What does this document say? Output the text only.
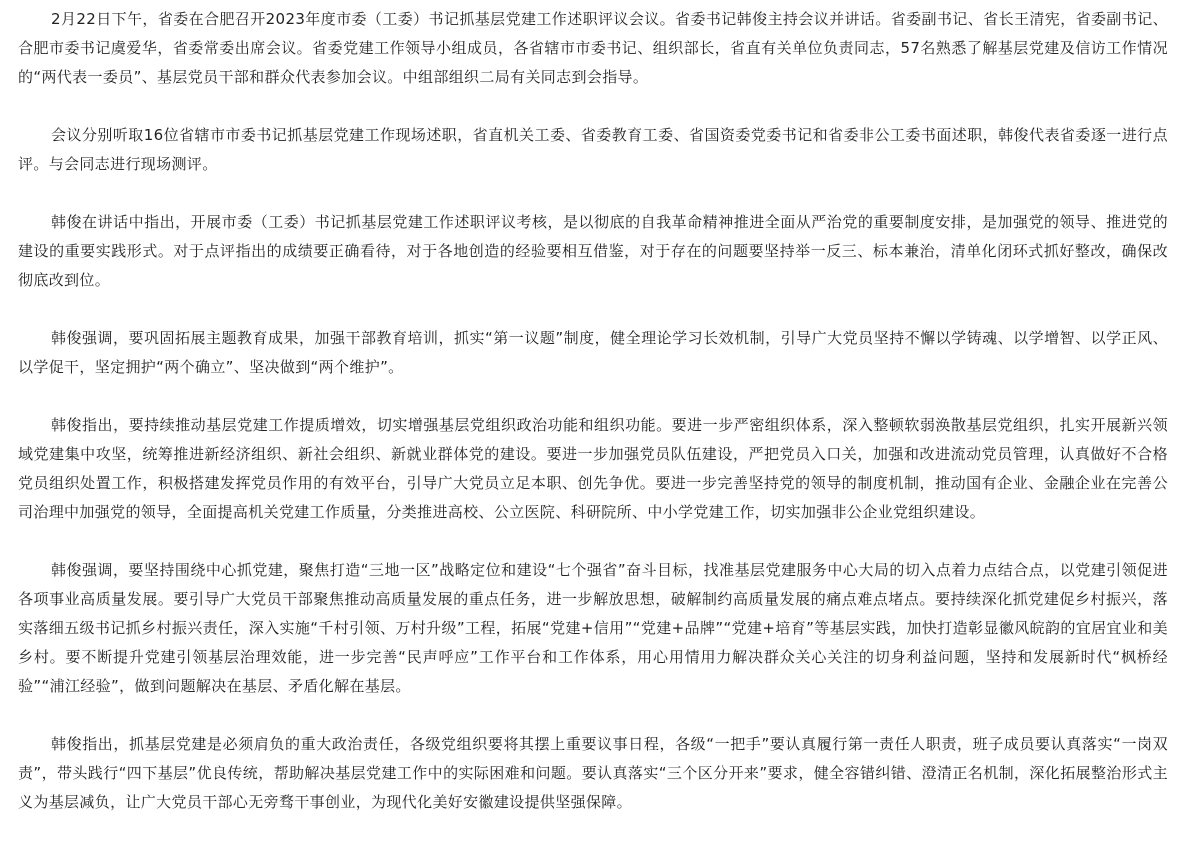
2月22日下午，省委在合肥召开2023年度市委（工委）书记抓基层党建工作述职评议会议。省委书记韩俊主持会议并讲话。省委副书记、省长王清宪，省委副书记、合肥市委书记虞爱华，省委常委出席会议。省委党建工作领导小组成员，各省辖市市委书记、组织部长，省直有关单位负责同志，57名熟悉了解基层党建及信访工作情况的“两代表一委员”、基层党员干部和群众代表参加会议。中组部组织二局有关同志到会指导。

会议分别听取16位省辖市市委书记抓基层党建工作现场述职，省直机关工委、省委教育工委、省国资委党委书记和省委非公工委书面述职，韩俊代表省委逐一进行点评。与会同志进行现场测评。

韩俊在讲话中指出，开展市委（工委）书记抓基层党建工作述职评议考核，是以彻底的自我革命精神推进全面从严治党的重要制度安排，是加强党的领导、推进党的建设的重要实践形式。对于点评指出的成绩要正确看待，对于各地创造的经验要相互借鉴，对于存在的问题要坚持举一反三、标本兼治，清单化闭环式抓好整改，确保改彻底改到位。

韩俊强调，要巩固拓展主题教育成果，加强干部教育培训，抓实“第一议题”制度，健全理论学习长效机制，引导广大党员坚持不懈以学铸魂、以学增智、以学正风、以学促干，坚定拥护“两个确立”、坚决做到“两个维护”。

韩俊指出，要持续推动基层党建工作提质增效，切实增强基层党组织政治功能和组织功能。要进一步严密组织体系，深入整顿软弱涣散基层党组织，扎实开展新兴领域党建集中攻坚，统筹推进新经济组织、新社会组织、新就业群体党的建设。要进一步加强党员队伍建设，严把党员入口关，加强和改进流动党员管理，认真做好不合格党员组织处置工作，积极搭建发挥党员作用的有效平台，引导广大党员立足本职、创先争优。要进一步完善坚持党的领导的制度机制，推动国有企业、金融企业在完善公司治理中加强党的领导，全面提高机关党建工作质量，分类推进高校、公立医院、科研院所、中小学党建工作，切实加强非公企业党组织建设。

韩俊强调，要坚持围绕中心抓党建，聚焦打造“三地一区”战略定位和建设“七个强省”奋斗目标，找准基层党建服务中心大局的切入点着力点结合点，以党建引领促进各项事业高质量发展。要引导广大党员干部聚焦推动高质量发展的重点任务，进一步解放思想，破解制约高质量发展的痛点难点堵点。要持续深化抓党建促乡村振兴，落实落细五级书记抓乡村振兴责任，深入实施“千村引领、万村升级”工程，拓展“党建+信用”“党建+品牌”“党建+培育”等基层实践，加快打造彰显徽风皖韵的宜居宜业和美乡村。要不断提升党建引领基层治理效能，进一步完善“民声呼应”工作平台和工作体系，用心用情用力解决群众关心关注的切身利益问题，坚持和发展新时代“枫桥经验”“浦江经验”，做到问题解决在基层、矛盾化解在基层。

韩俊指出，抓基层党建是必须肩负的重大政治责任，各级党组织要将其摆上重要议事日程，各级“一把手”要认真履行第一责任人职责，班子成员要认真落实“一岗双责”，带头践行“四下基层”优良传统，帮助解决基层党建工作中的实际困难和问题。要认真落实“三个区分开来”要求，健全容错纠错、澄清正名机制，深化拓展整治形式主义为基层减负，让广大党员干部心无旁骛干事创业，为现代化美好安徽建设提供坚强保障。
